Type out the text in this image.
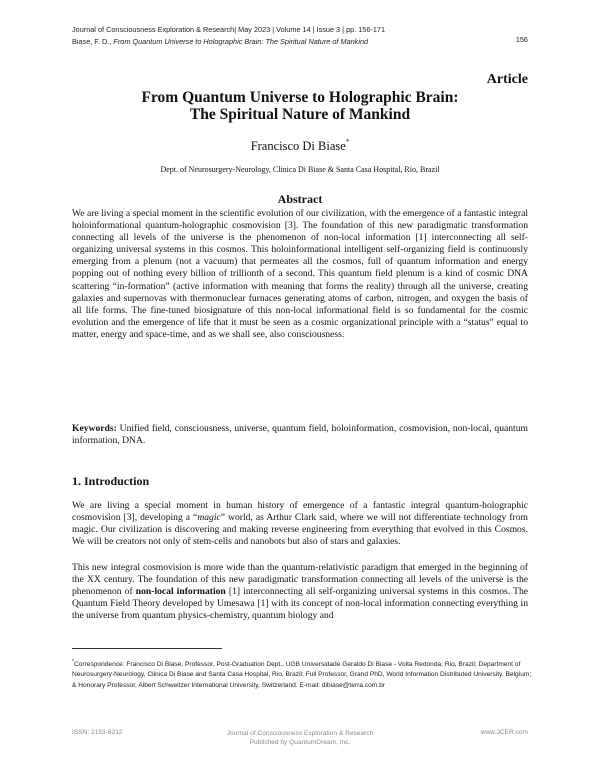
Journal of Consciousness Exploration & Research| May 2023 | Volume 14 | Issue 3 | pp. 156-171
Biase, F. D., From Quantum Universe to Holographic Brain: The Spiritual Nature of Mankind	156
Article
From Quantum Universe to Holographic Brain:
The Spiritual Nature of Mankind
Francisco Di Biase*
Dept. of Neurosurgery-Neurology, Clinica Di Biase & Santa Casa Hospital, Rio, Brazil
Abstract
We are living a special moment in the scientific evolution of our civilization, with the emergence of a fantastic integral holoinformational quantum-holographic cosmovision [3]. The foundation of this new paradigmatic transformation connecting all levels of the universe is the phenomenon of non-local information [1] interconnecting all self-organizing universal systems in this cosmos. This holoinformational intelligent self-organizing field is continuously emerging from a plenum (not a vacuum) that permeates all the cosmos, full of quantum information and energy popping out of nothing every billion of trillionth of a second. This quantum field plenum is a kind of cosmic DNA scattering “in-formation” (active information with meaning that forms the reality) through all the universe, creating galaxies and supernovas with thermonuclear furnaces generating atoms of carbon, nitrogen, and oxygen the basis of all life forms. The fine-tuned biosignature of this non-local informational field is so fundamental for the cosmic evolution and the emergence of life that it must be seen as a cosmic organizational principle with a “status” equal to matter, energy and space-time, and as we shall see, also consciousness.
Keywords: Unified field, consciousness, universe, quantum field, holoinformation, cosmovision, non-local, quantum information, DNA.
1. Introduction
We are living a special moment in human history of emergence of a fantastic integral quantum-holographic cosmovision [3], developing a “magic” world, as Arthur Clark said, where we will not differentiate technology from magic. Our civilization is discovering and making reverse engineering from everything that evolved in this Cosmos. We will be creators not only of stem-cells and nanobots but also of stars and galaxies.
This new integral cosmovision is more wide than the quantum-relativistic paradigm that emerged in the beginning of the XX century. The foundation of this new paradigmatic transformation connecting all levels of the universe is the phenomenon of non-local information [1] interconnecting all self-organizing universal systems in this cosmos. The Quantum Field Theory developed by Umesawa [1] with its concept of non-local information connecting everything in the universe from quantum physics-chemistry, quantum biology and
*Correspondence: Francisco Di Biase, Professor, Post-Graduation Dept., UGB Universidade Geraldo Di Biase - Volta Redonda, Rio, Brazil; Department of Neurosurgery-Neurology, Clinica Di Biase and Santa Casa Hospital, Rio, Brazil; Full Professor, Grand PhD, World Information Distributed University, Belgium; & Honorary Professor, Albert Schweitzer International University, Switzerland. E-mail: dibiase@terra.com.br
ISSN: 2153-8212	Journal of Consciousness Exploration & Research
Published by QuantumDream, Inc.
www.JCER.com
